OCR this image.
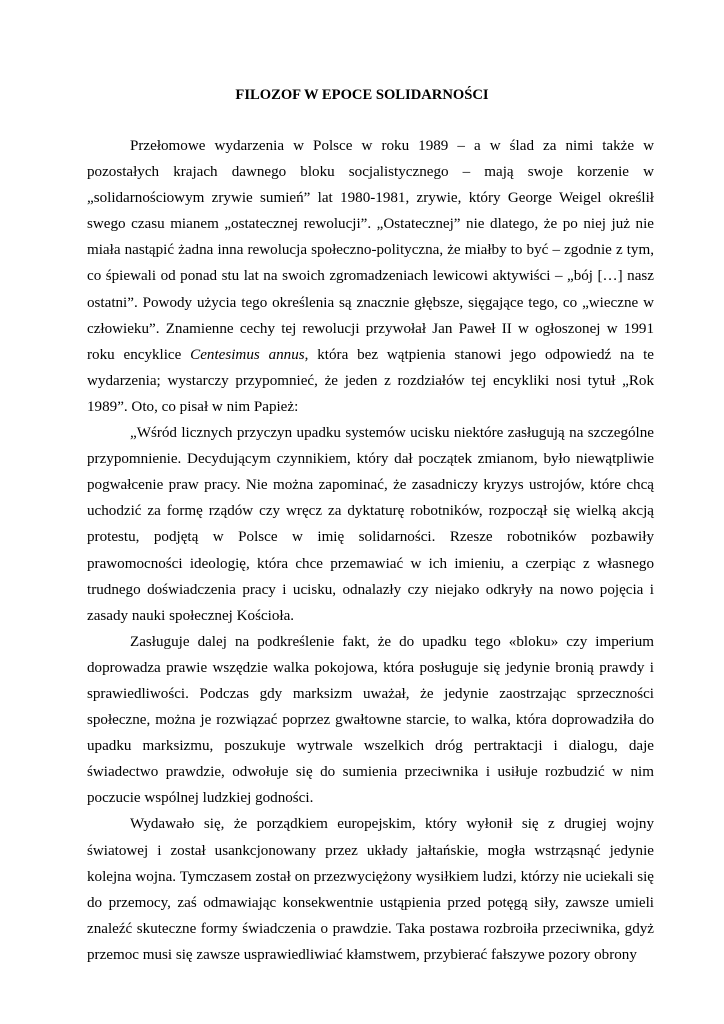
FILOZOF W EPOCE SOLIDARNOŚCI

Przełomowe wydarzenia w Polsce w roku 1989 – a w ślad za nimi także w pozostałych krajach dawnego bloku socjalistycznego – mają swoje korzenie w „solidarnościowym zrywie sumień” lat 1980-1981, zrywie, który George Weigel określił swego czasu mianem „ostatecznej rewolucji”. „Ostatecznej” nie dlatego, że po niej już nie miała nastąpić żadna inna rewolucja społeczno-polityczna, że miałby to być – zgodnie z tym, co śpiewali od ponad stu lat na swoich zgromadzeniach lewicowi aktywiści – „bój […] nasz ostatni”. Powody użycia tego określenia są znacznie głębsze, sięgające tego, co „wieczne w człowieku”. Znamienne cechy tej rewolucji przywołał Jan Paweł II w ogłoszonej w 1991 roku encyklice Centesimus annus, która bez wątpienia stanowi jego odpowiedź na te wydarzenia; wystarczy przypomnieć, że jeden z rozdziałów tej encykliki nosi tytuł „Rok 1989”. Oto, co pisał w nim Papież:

„Wśród licznych przyczyn upadku systemów ucisku niektóre zasługują na szczególne przypomnienie. Decydującym czynnikiem, który dał początek zmianom, było niewątpliwie pogwałcenie praw pracy. Nie można zapominać, że zasadniczy kryzys ustrojów, które chcą uchodzić za formę rządów czy wręcz za dyktaturę robotników, rozpoczął się wielką akcją protestu, podjętą w Polsce w imię solidarności. Rzesze robotników pozbawiły prawomocności ideologię, która chce przemawiać w ich imieniu, a czerpiąc z własnego trudnego doświadczenia pracy i ucisku, odnalazły czy niejako odkryły na nowo pojęcia i zasady nauki społecznej Kościoła.

Zasługuje dalej na podkreślenie fakt, że do upadku tego «bloku» czy imperium doprowadza prawie wszędzie walka pokojowa, która posługuje się jedynie bronią prawdy i sprawiedliwości. Podczas gdy marksizm uważał, że jedynie zaostrzając sprzeczności społeczne, można je rozwiązać poprzez gwałtowne starcie, to walka, która doprowadziła do upadku marksizmu, poszukuje wytrwale wszelkich dróg pertraktacji i dialogu, daje świadectwo prawdzie, odwołuje się do sumienia przeciwnika i usiłuje rozbudzić w nim poczucie wspólnej ludzkiej godności.

Wydawało się, że porządkiem europejskim, który wyłonił się z drugiej wojny światowej i został usankcjonowany przez układy jałtańskie, mogła wstrząsnąć jedynie kolejna wojna. Tymczasem został on przezwyciężony wysiłkiem ludzi, którzy nie uciekali się do przemocy, zaś odmawiając konsekwentnie ustąpienia przed potęgą siły, zawsze umieli znaleźć skuteczne formy świadczenia o prawdzie. Taka postawa rozbroiła przeciwnika, gdyż przemoc musi się zawsze usprawiedliwiać kłamstwem, przybierać fałszywe pozory obrony
